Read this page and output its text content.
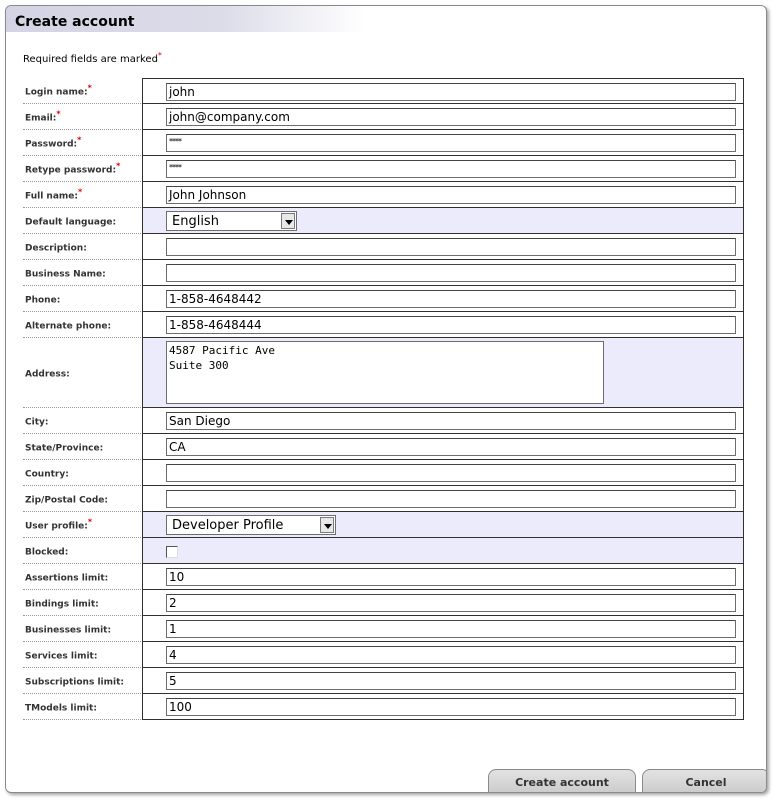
Create account
Required fields are marked*
Login name:*	john
Email:*	john@company.com
Password:*	****
Retype password:*	****
Full name:*	John Johnson
Default language:	English
Description:
Business Name:
Phone:	1-858-4648442
Alternate phone:	1-858-4648444
Address:
4587 Pacific Ave
Suite 300
City:	San Diego
State/Province:	CA
Country:
Zip/Postal Code:
User profile:*	Developer Profile
Blocked:
Assertions limit:	10
Bindings limit:	2
Businesses limit:	1
Services limit:	4
Subscriptions limit:	5
TModels limit:	100
Create account	Cancel
